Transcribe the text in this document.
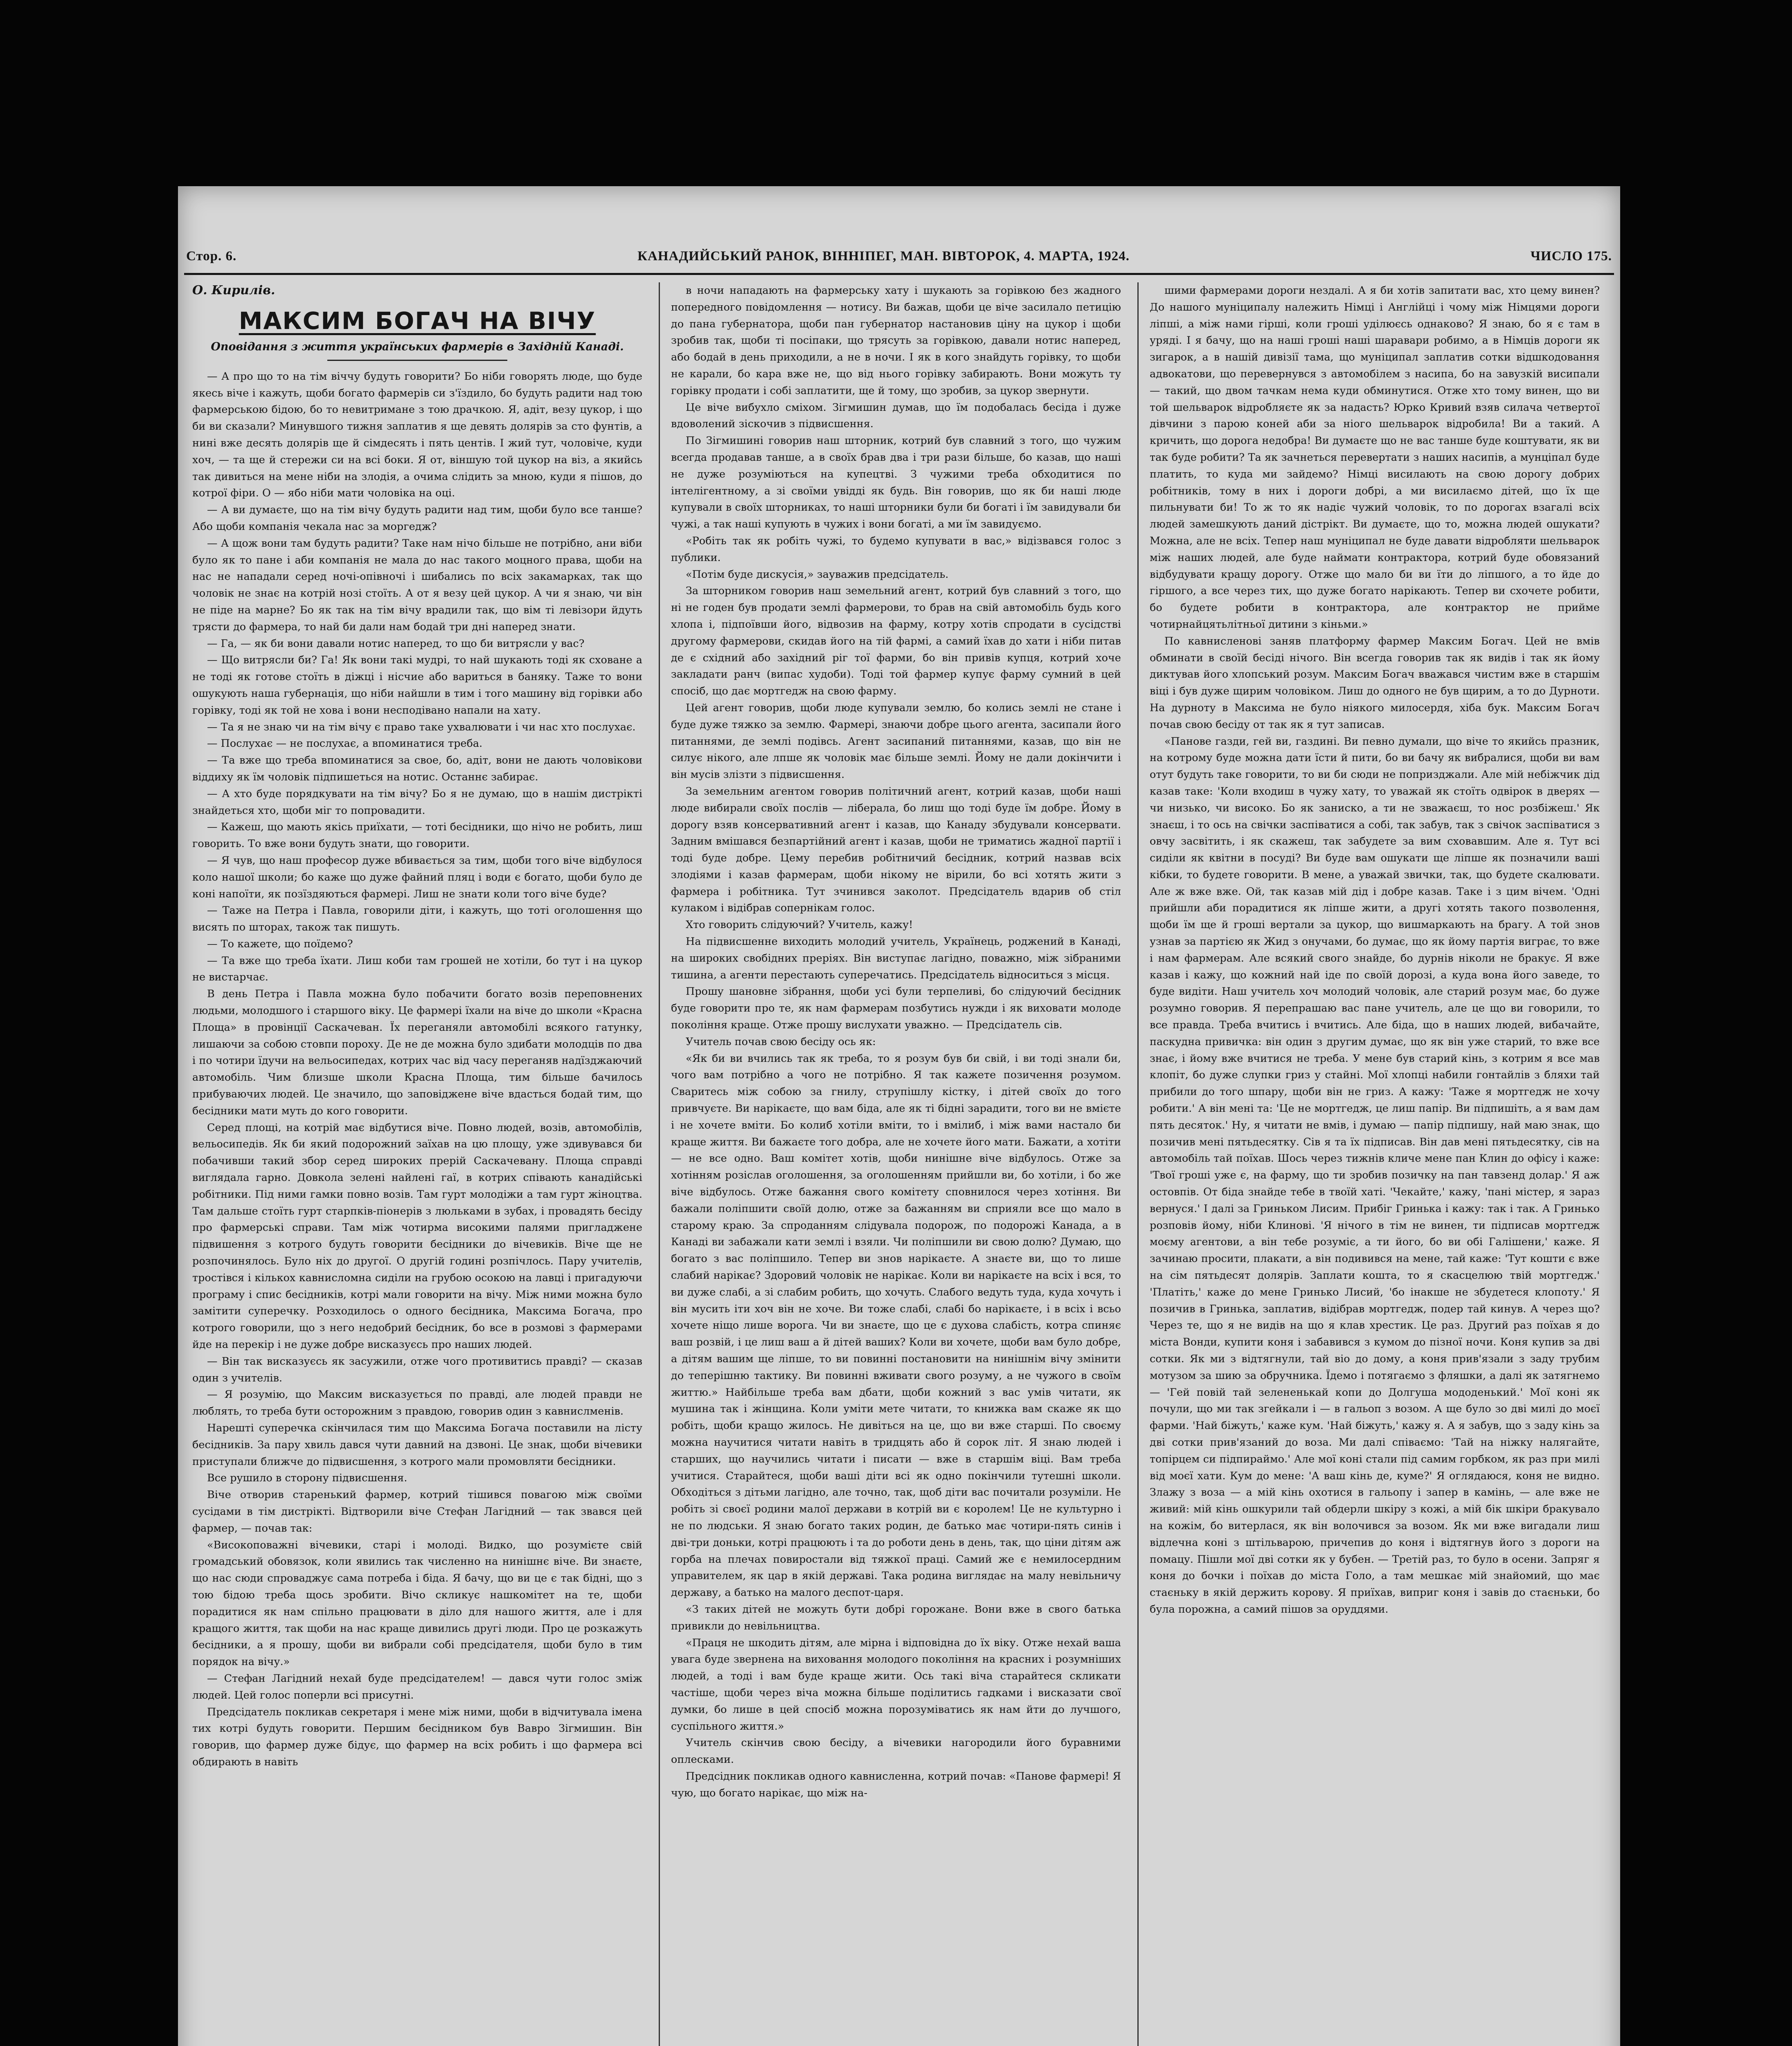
Стор. 6.	КАНАДИЙСЬКИЙ РАНОК, ВІННІПЕГ, МАН. ВІВТОРОК, 4. МАРТА, 1924.	ЧИСЛО 175.

О. Кирилів.

МАКСИМ БОГАЧ НА ВІЧУ
Оповідання з життя українських фармерів в Західній Канаді.

— А про що то на тім віччу будуть говорити? Бо ніби говорять люде, що буде якесь віче і кажуть, щоби богато фармерів си з'їздило, бо будуть радити над тою фармерською бідою, бо то невитримане з тою драчкою. Я, адіт, везу цукор, і що би ви сказали? Минувшого тижня заплатив я ще девять долярів за сто фунтів, а нині вже десять долярів ще й сімдесять і пять центів. І жий тут, чоловіче, куди хоч, — та ще й стережи си на всі боки. Я от, віншую той цукор на віз, а якийсь так дивиться на мене ніби на злодія, а очима слідить за мною, куди я пішов, до котрої фіри. О — ябо ніби мати чоловіка на оці.

— А ви думаєте, що на тім вічу будуть радити над тим, щоби було все танше? Або щоби компанія чекала нас за моргедж?

— А щож вони там будуть радити? Таке нам нічо більше не потрібно, ани віби було як то пане і аби компанія не мала до нас такого моцного права, щоби на нас не нападали серед ночі-опівночі і шибались по всіх закамарках, так що чоловік не знає на котрій нозі стоїть. А от я везу цей цукор. А чи я знаю, чи він не піде на марне? Бо як так на тім вічу врадили так, що вім ті левізори йдуть трясти до фармера, то най би дали нам бодай три дні наперед знати.

— Га, — як би вони давали нотис наперед, то що би витрясли у вас?

— Що витрясли би? Га! Як вони такі мудрі, то най шукають тоді як сховане а не тоді як готове стоїть в діжці і нісчие або вариться в баняку. Таже то вони ошукують наша губернація, що ніби найшли в тим і того машину від горівки або горівку, тоді як той не хова і вони несподівано напали на хату.

— Та я не знаю чи на тім вічу є право таке ухвалювати і чи нас хто послухає.

— Послухає — не послухає, а впоминатися треба.

— Та вже що треба впоминатися за свое, бо, адіт, вони не дають чоловікови віддиху як їм чоловік підпишеться на нотис. Останнє забирає.

— А хто буде порядкувати на тім вічу? Бо я не думаю, що в нашім дистрікті знайдеться хто, щоби міг то попровадити.

— Кажеш, що мають якісь приїхати, — тоті бесідники, що нічо не робить, лиш говорить. То вже вони будуть знати, що говорити.

— Я чув, що наш професор дуже вбивається за тим, щоби того віче відбулося коло нашої школи; бо каже що дуже файний пляц і води є богато, щоби було де коні напоїти, як позїздяються фармері. Лиш не знати коли того віче буде?

— Таже на Петра і Павла, говорили діти, і кажуть, що тоті оголошення що висять по шторах, також так пишуть.

— То кажете, що поїдемо?

— Та вже що треба їхати. Лиш коби там грошей не хотіли, бо тут і на цукор не вистарчає.

В день Петра і Павла можна було побачити богато возів переповнених людьми, молодшого і старшого віку. Це фармері їхали на віче до школи «Красна Площа» в провінції Саскачеван. Їх переганяли автомобілі всякого гатунку, лишаючи за собою стовпи пороху. Де не де можна було здибати молодців по два і по чотири їдучи на вельосипедах, котрих час від часу переганяв надїзджаючий автомобіль. Чим близше школи Красна Площа, тим більше бачилось прибуваючих людей. Це значило, що заповіджене віче вдасться бодай тим, що бесідники мати муть до кого говорити.

Серед площі, на котрій має відбутися віче. Повно людей, возів, автомобілів, вельосипедів. Як би який подорожний заїхав на цю площу, уже здивувався би побачивши такий збор серед широких прерій Саскачевану. Площа справді виглядала гарно. Довкола зелені найлені гаї, в котрих співають канадійські робітники. Під ними гамки повно возів. Там гурт молодіжи а там гурт жіноцтва. Там дальше стоїть гурт старпків-піонерів з люльками в зубах, і провадять бесіду про фармерські справи. Там між чотирма високими палями пригладжене підвишення з котрого будуть говорити бесідники до вічевиків. Віче ще не розпочинялось. Було ніх до другої. О другій годині розпічлось. Пару учителів, тростівся і кількох кавнисломна сиділи на грубою осокою на лавці і пригадуючи програму і спис бесідників, котрі мали говорити на вічу. Між ними можна було замітити суперечку. Розходилось о одного бесідника, Максима Богача, про котрого говорили, що з него недобрий бесідник, бо все в розмові з фармерами йде на перекір і не дуже добре висказуєсь про наших людей.

— Він так висказуєсь як засужили, отже чого противитись правді? — сказав один з учителів.

— Я розумію, що Максим висказується по правді, але людей правди не люблять, то треба бути осторожним з правдою, говорив один з кавнислменів.

Нарешті суперечка скінчилася тим що Максима Богача поставили на лісту бесідників. За пару хвиль дався чути давний на дзвоні. Це знак, щоби вічевики приступали ближче до підвисшення, з котрого мали промовляти бесідники.

Все рушило в сторону підвисшення.

Віче отворив старенький фармер, котрий тішився повагою між своїми сусідами в тім дистрікті. Відтворили віче Стефан Лагідний — так звався цей фармер, — почав так:

«Високоповажні вічевики, старі і молоді. Видко, що розумієте свій громадський обовязок, коли явились так численно на нинішнє віче. Ви знаєте, що нас сюди спроваджує сама потреба і біда. Я бачу, що ви це є так бідні, що з тою бідою треба щось зробити. Вічо скликує нашкомітет на те, щоби порадитися як нам спільно працювати в діло для нашого життя, але і для кращого життя, так щоби на нас краще дивились другі люди. Про це розкажуть бесідники, а я прошу, щоби ви вибрали собі предсідателя, щоби було в тим порядок на вічу.»

— Стефан Лагідний нехай буде предсідателем! — дався чути голос зміж людей. Цей голос поперли всі присутні.

Предсідатель покликав секретаря і мене між ними, щоби в відчитувала імена тих котрі будуть говорити. Першим бесідником був Вавро Зігмишин. Він говорив, що фармер дуже бідує, що фармер на всіх робить і що фармера всі обдирають в навіть

в ночи нападають на фармерську хату і шукають за горівкою без жадного попередного повідомлення — нотису. Ви бажав, щоби це віче засилало петицію до пана губернатора, щоби пан губернатор настановив ціну на цукор і щоби зробив так, щоби ті посіпаки, що трясуть за горівкою, давали нотис наперед, або бодай в день приходили, а не в ночи. І як в кого знайдуть горівку, то щоби не карали, бо кара вже не, що від нього горівку забирають. Вони можуть ту горівку продати і собі заплатити, ще й тому, що зробив, за цукор звернути.

Це віче вибухло сміхом. Зігмишин думав, що їм подобалась бесіда і дуже вдоволений зіскочив з підвисшення.

По Зігмишині говорив наш шторник, котрий був славний з того, що чужим всегда продавав танше, а в своїх брав два і три рази більше, бо казав, що наші не дуже розуміються на купецтві. З чужими треба обходитися по інтелігентному, а зі своїми увідді як будь. Він говорив, що як би наші люде купували в своїх шторниках, то наші шторники були би богаті і їм завидували би чужі, а так наші купують в чужих і вони богаті, а ми їм завидуємо.

«Робіть так як робіть чужі, то будемо купувати в вас,» відізвався голос з публики.

«Потім буде дискусія,» зауважив предсідатель.

За шторником говорив наш земельний агент, котрий був славний з того, що ні не годен був продати землі фармерови, то брав на свій автомобіль будь кого хлопа і, підпоївши його, відвозив на фарму, котру хотів спродати в сусідстві другому фармерови, скидав його на тій фармі, а самий їхав до хати і ніби питав де є східний або західний ріг тої фарми, бо він привів купця, котрий хоче закладати ранч (випас худоби). Тоді той фармер купує фарму сумний в цей спосіб, що дає мортгедж на свою фарму.

Цей агент говорив, щоби люде купували землю, бо колись землі не стане і буде дуже тяжко за землю. Фармері, знаючи добре цього агента, засипали його питаннями, де землі подівсь. Агент засипаний питаннями, казав, що він не силує нікого, але лпше як чоловік має більше землі. Йому не дали докінчити і він мусів злізти з підвисшення.

За земельним агентом говорив політичний агент, котрий казав, щоби наші люде вибирали своїх послів — ліберала, бо лиш що тоді буде їм добре. Йому в дорогу взяв консервативний агент і казав, що Канаду збудували консервати. Задним вмішався безпартійний агент і казав, щоби не триматись жадної партії і тоді буде добре. Цему перебив робітничий бесідник, котрий назвав всіх злодіями і казав фармерам, щоби нікому не вірили, бо всі хотять жити з фармера і робітника. Тут зчинився заколот. Предсідатель вдарив об стіл кулаком і відібрав сопернікам голос.

Хто говорить слідуючий? Учитель, кажу!

На підвисшенне виходить молодий учитель, Українець, роджений в Канаді, на широких свобідних преріях. Він виступає лагідно, поважно, між зібраними тишина, а агенти перестають суперечатись. Предсідатель відноситься з місця.

Прошу шановне зібрання, щоби усі були терпеливі, бо слідуючий бесідник буде говорити про те, як нам фармерам позбутись нужди і як виховати молоде покоління краще. Отже прошу вислухати уважно. — Предсідатель сів.

Учитель почав свою бесіду ось як:

«Як би ви вчились так як треба, то я розум був би свій, і ви тоді знали би, чого вам потрібно а чого не потрібно. Я так кажете позичення розумом. Сваритесь між собою за гнилу, струпішлу кістку, і дітей своїх до того привчуєте. Ви нарікаєте, що вам біда, але як ті бідні зарадити, того ви не вмієте і не хочете вміти. Бо колиб хотіли вміти, то і вмілиб, і між вами настало би краще життя. Ви бажаєте того добра, але не хочете його мати. Бажати, а хотіти — не все одно. Ваш комітет хотів, щоби нинішне віче відбулось. Отже за хотінням розіслав оголошення, за оголошенням прийшли ви, бо хотіли, і бо же віче відбулось. Отже бажання свого комітету сповнилося через хотіння. Ви бажали поліпшити своїй долю, отже за бажанням ви сприяли все що мало в старому краю. За спроданням слідувала подорож, по подорожі Канада, а в Канаді ви забажали кати землі і взяли. Чи поліпшили ви свою долю? Думаю, що богато з вас поліпшило. Тепер ви знов нарікаєте. А знаєте ви, що то лише слабий нарікає? Здоровий чоловік не нарікає. Коли ви нарікаєте на всіх і вся, то ви дуже слабі, а зі слабим робить, що хочуть. Слабого ведуть туда, куда хочуть і він мусить іти хоч він не хоче. Ви тоже слабі, слабі бо нарікаєте, і в всіх і всьо хочете ніщо лише ворога. Чи ви знаєте, що це є духова слабість, котра спиняє ваш розвій, і це лиш ваш а й дітей ваших? Коли ви хочете, щоби вам було добре, а дітям вашим ще ліпше, то ви повинні постановити на нинішнім вічу змінити до теперішню тактику. Ви повинні вживати свого розуму, а не чужого в своїм життю.» Найбільше треба вам дбати, щоби кожний з вас умів читати, як мушина так і жінщина. Коли уміти мете читати, то книжка вам скаже як що робіть, щоби кращо жилось. Не дивіться на це, що ви вже старші. По своєму можна научитися читати навіть в тридцять або й сорок літ. Я знаю людей і старших, що научились читати і писати — вже в старшім віці. Вам треба учитися. Старайтеся, щоби ваші діти всі як одно покінчили тутешні школи. Обходіться з дітьми лагідно, але точно, так, щоб діти вас почитали розуміли. Не робіть зі своєї родини малої держави в котрій ви є королем! Це не культурно і не по людськи. Я знаю богато таких родин, де батько має чотири-пять синів і дві-три доньки, котрі працюють і та до роботи день в день, так, що ціни дітям аж горба на плечах повиростали від тяжкої праці. Самий же є немилосердним управителем, як цар в якій державі. Така родина виглядає на малу невільничу державу, а батько на малого деспот-царя.

«З таких дітей не можуть бути добрі горожане. Вони вже в свого батька привикли до невільництва.

«Праця не шкодить дітям, але мірна і відповідна до їх віку. Отже нехай ваша увага буде звернена на виховання молодого покоління на красних і розумніших людей, а тоді і вам буде краще жити. Ось такі віча старайтеся скликати частіше, щоби через віча можна більше поділитись гадками і висказати свої думки, бо лише в цей спосіб можна порозуміватись як нам йти до лучшого, суспільного життя.»

Учитель скінчив свою бесіду, а вічевики нагородили його буравними оплесками.

Предсідник покликав одного кавнисленна, котрий почав: «Панове фармері! Я чую, що богато нарікає, що між на-

шими фармерами дороги нездалі. А я би хотів запитати вас, хто цему винен? До нашого муніципалу належить Німці і Англійці і чому між Німцями дороги ліпші, а між нами гірші, коли гроші уділюєсь однаково? Я знаю, бо я є там в уряді. І я бачу, що на наші гроші наші шаравари робимо, а в Німців дороги як зигарок, а в нашій дивізії тама, що муніципал заплатив сотки відшкодовання адвокатови, що перевернувся з автомобілем з насипа, бо на завузкій висипали — такий, що двом тачкам нема куди обминутися. Отже хто тому винен, що ви той шельварок відробляєте як за надасть? Юрко Кривий взяв силача четвертої дівчини з парою коней аби за ніого шельварок відробила! Ви а такий. А кричить, що дорога недобра! Ви думаєте що не вас танше буде коштувати, як ви так буде робити? Та як зачнеться перевертати з наших насипів, а мунціпал буде платить, то куда ми зайдемо? Німці висилають на свою дорогу добрих робітників, тому в них і дороги добрі, а ми висилаємо дітей, що їх ще пильнувати би! То ж то як надіє чужий чоловік, то по дорогах взагалі всіх людей замешкують даний дістрікт. Ви думаєте, що то, можна людей ошукати? Можна, але не всіх. Тепер наш муніципал не буде давати відробляти шельварок між наших людей, але буде наймати контрактора, котрий буде обовязаний відбудувати кращу дорогу. Отже що мало би ви їти до ліпшого, а то йде до гіршого, а все через тих, що дуже богато нарікають. Тепер ви схочете робити, бо будете робити в контрактора, але контрактор не прийме чотирнайцятьлітньої дитини з кіньми.»

По кавнисленові заняв платформу фармер Максим Богач. Цей не вмів обминати в своїй бесіді нічого. Він всегда говорив так як видів і так як йому диктував його хлопський розум. Максим Богач вважався чистим вже в старшім віці і був дуже щирим чоловіком. Лиш до одного не був щирим, а то до Дурноти. На дурноту в Максима не було ніякого милосердя, хіба бук. Максим Богач почав свою бесіду от так як я тут записав.

«Панове газди, гей ви, газдині. Ви певно думали, що віче то якийсь празник, на котрому буде можна дати їсти й пити, бо ви бачу як вибралися, щоби ви вам отут будуть таке говорити, то ви би сюди не попризджали. Але мій небіжчик дід казав таке: 'Коли входиш в чужу хату, то уважай як стоїть одвірок в дверях — чи низько, чи високо. Бо як заниско, а ти не зважаєш, то нос розбіжеш.' Як знаєш, і то ось на свічки заспіватися а собі, так забув, так з свічок заспіватися з овчу засвітить, і як скажеш, так забудете за вим сховавшим. Але я. Тут всі сиділи як квітни в посуді? Ви буде вам ошукати ще ліпше як позначили ваші кібки, то будете говорити. В мене, а уважай звички, так, що будете скалювати. Але ж вже вже. Ой, так казав мій дід і добре казав. Таке і з цим вічем. 'Одні прийшли аби порадитися як ліпше жити, а другі хотять такого позволення, щоби їм ще й гроші вертали за цукор, що вишмаркають на брагу. А той знов узнав за партією як Жид з онучами, бо думає, що як йому партія виграє, то вже і нам фармерам. Але всякий свого знайде, бо дурнів ніколи не бракує. Я вже казав і кажу, що кожний най іде по своїй дорозі, а куда вона його заведе, то буде видіти. Наш учитель хоч молодий чоловік, але старий розум має, бо дуже розумно говорив. Я перепрашаю вас пане учитель, але це що ви говорили, то все правда. Треба вчитись і вчитись. Але біда, що в наших людей, вибачайте, паскудна привичка: він один з другим думає, що як він уже старий, то вже все знає, і йому вже вчитися не треба. У мене був старий кінь, з котрим я все мав клопіт, бо дуже слупки гриз у стайні. Мої хлопці набили гонтайлів з бляхи тай прибили до того шпару, щоби він не гриз. А кажу: 'Таже я мортгедж не хочу робити.' А він мені та: 'Це не мортгедж, це лиш папір. Ви підпишіть, а я вам дам пять десяток.' Ну, я читати не вмів, і думаю — папір підпишу, най маю знак, що позичив мені пятьдесятку. Сів я та їх підписав. Він дав мені пятьдесятку, сів на автомобіль тай поїхав. Шось через тижнів кличе мене пан Клин до офісу і каже: 'Твої гроші уже є, на фарму, що ти зробив позичку на пан тавзенд долар.' Я аж остовпів. От біда знайде тебе в твоїй хаті. 'Чекайте,' кажу, 'пані містер, я зараз вернуся.' І далі за Гриньком Лисим. Прибіг Гринька і кажу: так і так. А Гринько розповів йому, ніби Клинові. 'Я нічого в тім не винен, ти підписав мортгедж моєму агентови, а він тебе розуміє, а ти його, бо ви обі Галішени,' каже. Я зачинаю просити, плакати, а він подивився на мене, тай каже: 'Тут кошти є вже на сім пятьдесят долярів. Заплати кошта, то я скасцелюю твій мортгедж.' 'Платіть,' каже до мене Гринько Лисий, 'бо інакше не збудетеся клопоту.' Я позичив в Гринька, заплатив, відібрав мортгедж, подер тай кинув. А через що? Через те, що я не видів на що я клав хрестик. Це раз. Другий раз поїхав я до міста Вонди, купити коня і забавився з кумом до пізної ночи. Коня купив за дві сотки. Як ми з відтягнули, тай віо до дому, а коня прив'язали з заду трубим мотузом за шию за обручника. Їдемо і потягаємо з фляшки, а далі як затягнемо — 'Гей повій тай зелененькай копи до Долгуша мододенький.' Мої коні як почули, що ми так згейкали і — в гальоп з возом. А ще було зо дві милі до моєї фарми. 'Най біжуть,' каже кум. 'Най біжуть,' кажу я. А я забув, що з заду кінь за дві сотки прив'язаний до воза. Ми далі співаємо: 'Тай на ніжку налягайте, топірцем си підпираймо.' Але мої коні стали під самим горбком, як раз при милі від моєї хати. Кум до мене: 'А ваш кінь де, куме?' Я оглядаюся, коня не видно. Злажу з воза — а мій кінь охотися в гальопу і запер в камінь, — але вже не живий: мій кінь ошкурили тай обдерли шкіру з кожі, а мій бік шкіри бракувало на кожім, бо витерлася, як він волочився за возом. Як ми вже вигадали лиш відлечна коні з штільварою, причепив до коня і відтягнув його з дороги на помацу. Пішли мої дві сотки як у бубен. — Третій раз, то було в осени. Запряг я коня до бочки і поїхав до міста Голо, а там мешкає мій знайомий, що має стаєньку в якій держить корову. Я приїхав, виприг коня і завів до стаєньки, бо була порожна, а самий пішов за оруддями.
